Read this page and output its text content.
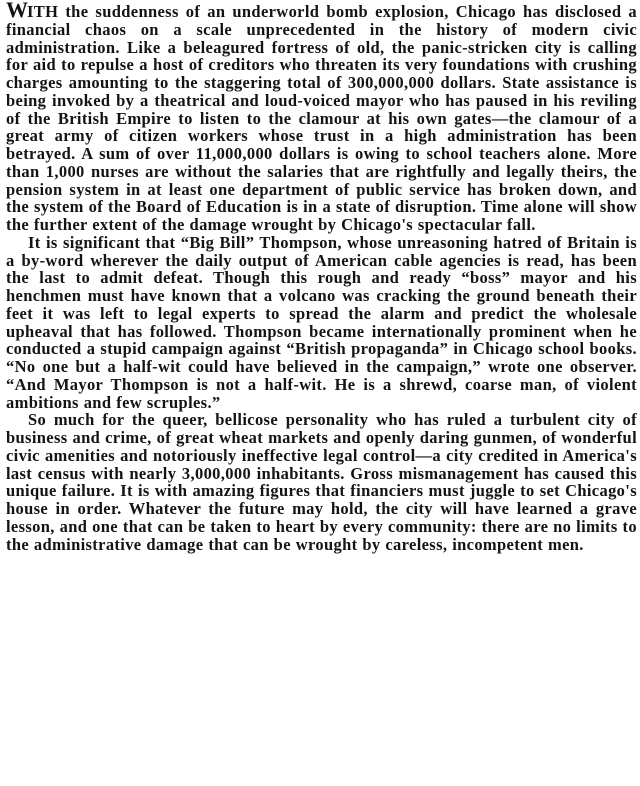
WITH the suddenness of an underworld bomb explosion, Chicago has disclosed a financial chaos on a scale unprecedented in the history of modern civic administration. Like a beleagured fortress of old, the panic-stricken city is calling for aid to repulse a host of creditors who threaten its very foundations with crushing charges amounting to the staggering total of 300,000,000 dollars. State assistance is being invoked by a theatrical and loud-voiced mayor who has paused in his reviling of the British Empire to listen to the clamour at his own gates—the clamour of a great army of citizen workers whose trust in a high administration has been betrayed. A sum of over 11,000,000 dollars is owing to school teachers alone. More than 1,000 nurses are without the salaries that are rightfully and legally theirs, the pension system in at least one department of public service has broken down, and the system of the Board of Education is in a state of disruption. Time alone will show the further extent of the damage wrought by Chicago's spectacular fall.

It is significant that “Big Bill” Thompson, whose unreasoning hatred of Britain is a by-word wherever the daily output of American cable agencies is read, has been the last to admit defeat. Though this rough and ready “boss” mayor and his henchmen must have known that a volcano was cracking the ground beneath their feet it was left to legal experts to spread the alarm and predict the wholesale upheaval that has followed. Thompson became internationally prominent when he conducted a stupid campaign against “British propaganda” in Chicago school books. “No one but a half-wit could have believed in the campaign,” wrote one observer. “And Mayor Thompson is not a half-wit. He is a shrewd, coarse man, of violent ambitions and few scruples.”

So much for the queer, bellicose personality who has ruled a turbulent city of business and crime, of great wheat markets and openly daring gunmen, of wonderful civic amenities and notoriously ineffective legal control—a city credited in America's last census with nearly 3,000,000 inhabitants. Gross mismanagement has caused this unique failure. It is with amazing figures that financiers must juggle to set Chicago's house in order. Whatever the future may hold, the city will have learned a grave lesson, and one that can be taken to heart by every community: there are no limits to the administrative damage that can be wrought by careless, incompetent men.
